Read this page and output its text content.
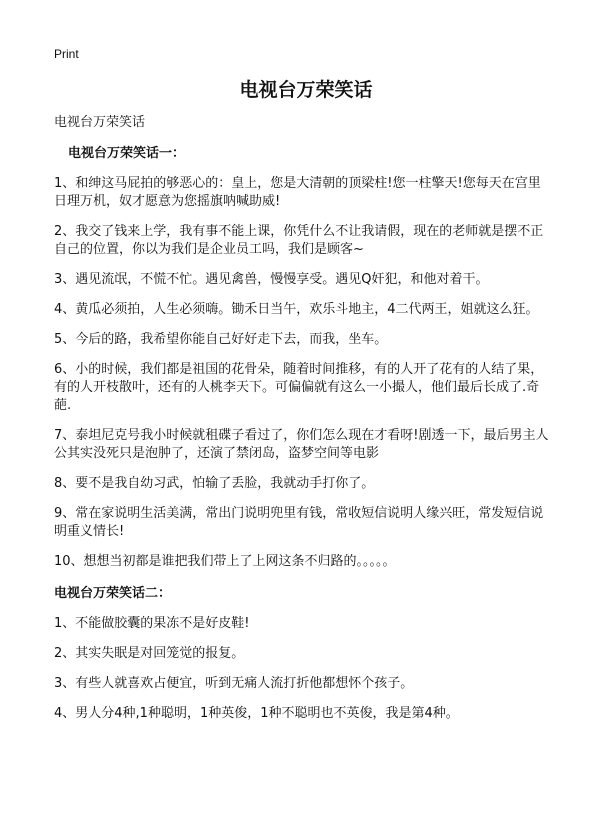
Print
电视台万荣笑话

电视台万荣笑话

电视台万荣笑话一：
1、和绅这马屁拍的够恶心的：皇上，您是大清朝的顶梁柱!您一柱擎天!您每天在宫里日理万机，奴才愿意为您摇旗呐喊助威!
2、我交了钱来上学，我有事不能上课，你凭什么不让我请假，现在的老师就是摆不正自己的位置，你以为我们是企业员工吗，我们是顾客~
3、遇见流氓，不慌不忙。遇见禽兽，慢慢享受。遇见Q奸犯，和他对着干。
4、黄瓜必须拍，人生必须嗨。锄禾日当午，欢乐斗地主，4二代两王，姐就这么狂。
5、今后的路，我希望你能自己好好走下去，而我，坐车。
6、小的时候，我们都是祖国的花骨朵，随着时间推移，有的人开了花有的人结了果，有的人开枝散叶，还有的人桃李天下。可偏偏就有这么一小撮人，他们最后长成了.奇葩.
7、泰坦尼克号我小时候就租碟子看过了，你们怎么现在才看呀!剧透一下，最后男主人公其实没死只是泡肿了，还演了禁闭岛，盗梦空间等电影
8、要不是我自幼习武，怕输了丢脸，我就动手打你了。
9、常在家说明生活美满，常出门说明兜里有钱，常收短信说明人缘兴旺，常发短信说明重义情长!
10、想想当初都是谁把我们带上了上网这条不归路的。。。。。
电视台万荣笑话二：
1、不能做胶囊的果冻不是好皮鞋!
2、其实失眠是对回笼觉的报复。
3、有些人就喜欢占便宜，听到无痛人流打折他都想怀个孩子。
4、男人分4种,1种聪明，1种英俊，1种不聪明也不英俊，我是第4种。
